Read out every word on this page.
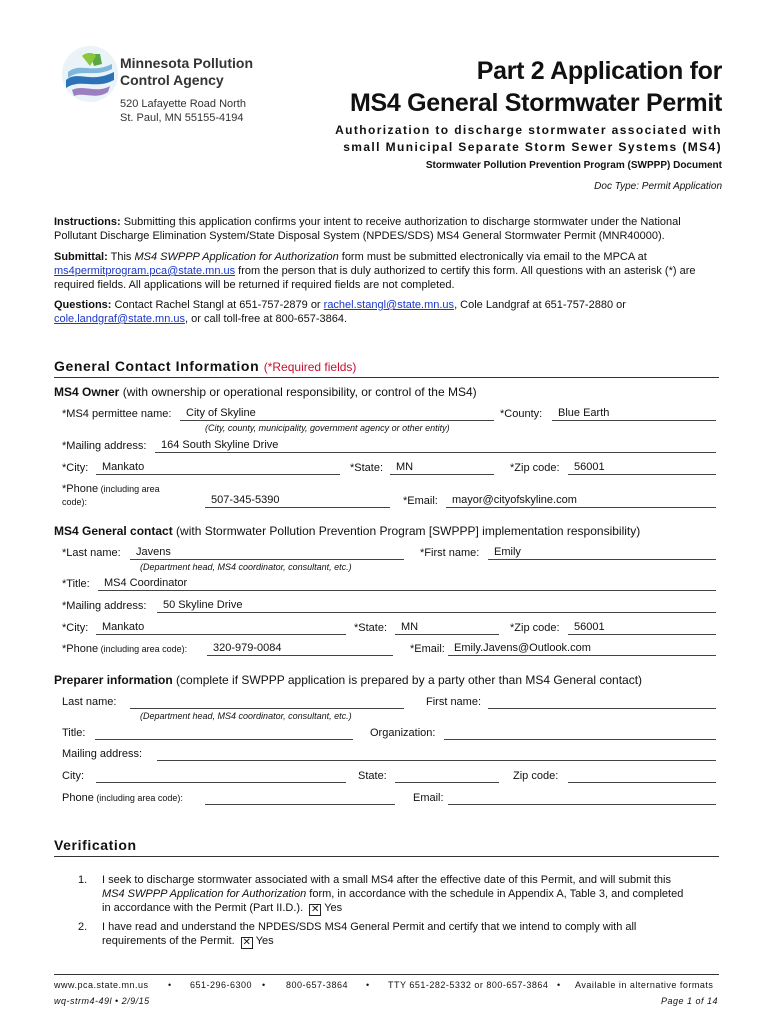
Minnesota Pollution
Control Agency
520 Lafayette Road North
St. Paul, MN 55155-4194
Part 2 Application for
MS4 General Stormwater Permit
Authorization to discharge stormwater associated with
small Municipal Separate Storm Sewer Systems (MS4)
Stormwater Pollution Prevention Program (SWPPP) Document
Doc Type: Permit Application
Instructions: Submitting this application confirms your intent to receive authorization to discharge stormwater under the National Pollutant Discharge Elimination System/State Disposal System (NPDES/SDS) MS4 General Stormwater Permit (MNR40000).
Submittal: This MS4 SWPPP Application for Authorization form must be submitted electronically via email to the MPCA at
ms4permitprogram.pca@state.mn.us from the person that is duly authorized to certify this form. All questions with an asterisk (*) are required fields. All applications will be returned if required fields are not completed.
Questions: Contact Rachel Stangl at 651-757-2879 or rachel.stangl@state.mn.us, Cole Landgraf at 651-757-2880 or
cole.landgraf@state.mn.us, or call toll-free at 800-657-3864.
General Contact Information (*Required fields)
MS4 Owner (with ownership or operational responsibility, or control of the MS4)
*MS4 permittee name:	City of Skyline
(City, county, municipality, government agency or other entity)
*County:	Blue Earth
*Mailing address:	164 South Skyline Drive
*City:	Mankato	*State:	MN	*Zip code:	56001
*Phone (including area
code):	507-345-5390	*Email:	mayor@cityofskyline.com
MS4 General contact (with Stormwater Pollution Prevention Program [SWPPP] implementation responsibility)
*Last name:	Javens
(Department head, MS4 coordinator, consultant, etc.)
*First name:	Emily
*Title:	MS4 Coordinator
*Mailing address:	50 Skyline Drive
*City:	Mankato	*State:	MN	*Zip code:	56001
*Phone (including area code):	320-979-0084	*Email: Emily.Javens@Outlook.com
Preparer information (complete if SWPPP application is prepared by a party other than MS4 General contact)
Last name:
(Department head, MS4 coordinator, consultant, etc.)
First name:
Title:	Organization:
Mailing address:
City:	State:	Zip code:
Phone (including area code):	Email:
Verification
1. I seek to discharge stormwater associated with a small MS4 after the effective date of this Permit, and will submit this
MS4 SWPPP Application for Authorization form, in accordance with the schedule in Appendix A, Table 3, and completed
in accordance with the Permit (Part II.D.). ✕ Yes
2. I have read and understand the NPDES/SDS MS4 General Permit and certify that we intend to comply with all
requirements of the Permit. ✕ Yes
www.pca.state.mn.us • 651-296-6300 • 800-657-3864 • TTY 651-282-5332 or 800-657-3864 • Available in alternative formats
wq-strm4-49l • 2/9/15	Page 1 of 14
